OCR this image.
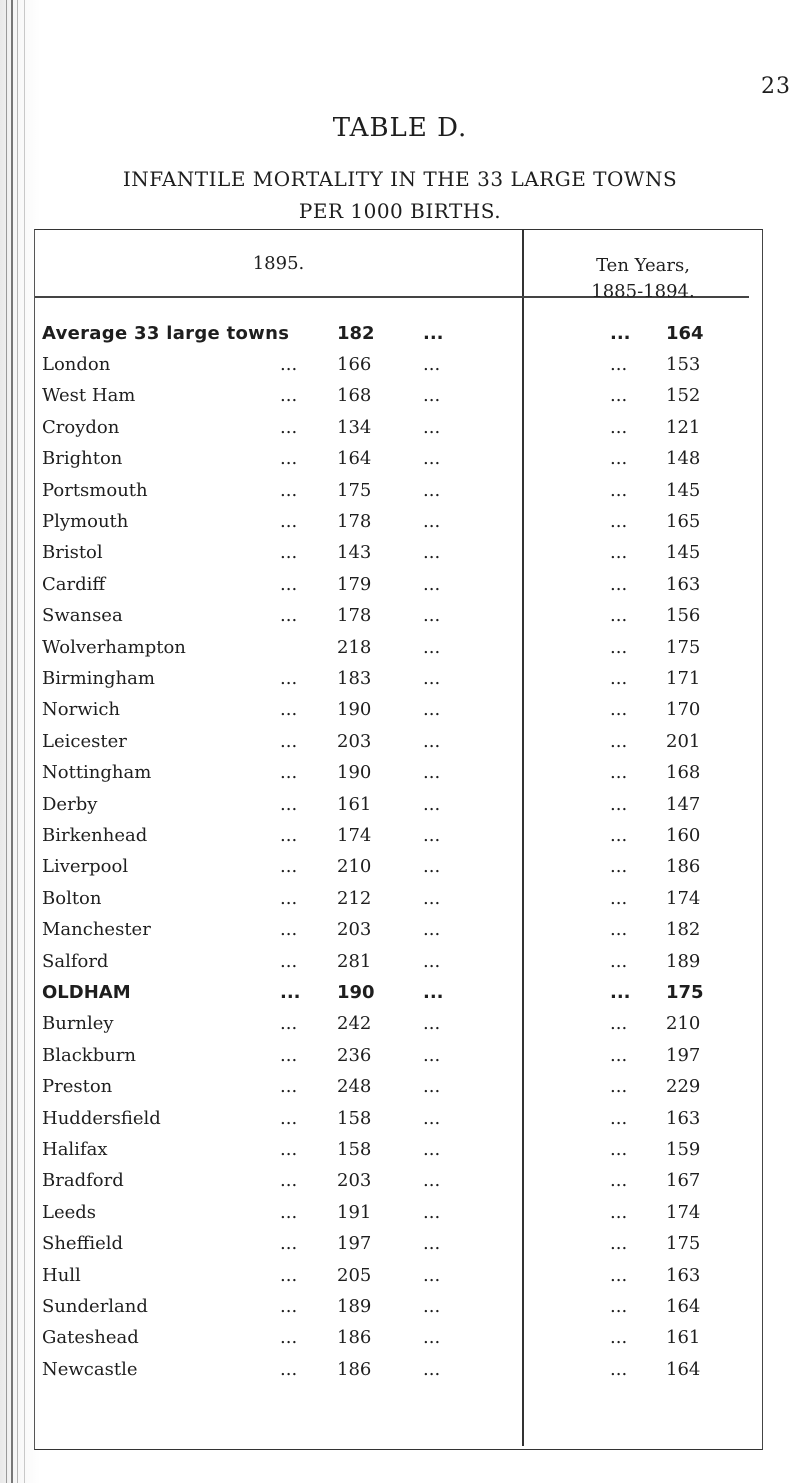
23
TABLE D.
INFANTILE MORTALITY IN THE 33 LARGE TOWNS
PER 1000 BIRTHS.
1895.	Ten Years,
1885-1894.
Average 33 large towns	182	...	... 164
London	... 166	...	... 153
West Ham	... 168	...	... 152
Croydon	... 134	...	... 121
Brighton	... 164	...	... 148
Portsmouth	... 175	...	... 145
Plymouth	... 178	...	... 165
Bristol	... 143	...	... 145
Cardiff	... 179	...	... 163
Swansea	... 178	...	... 156
Wolverhampton	218	...	... 175
Birmingham	... 183	...	... 171
Norwich	... 190	...	... 170
Leicester	... 203	...	... 201
Nottingham	... 190	...	... 168
Derby	... 161	...	... 147
Birkenhead	... 174	...	... 160
Liverpool	... 210	...	... 186
Bolton	... 212	...	... 174
Manchester	... 203	...	... 182
Salford	... 281	...	... 189
OLDHAM	... 190	...	... 175
Burnley	... 242	...	... 210
Blackburn	... 236	...	... 197
Preston	... 248	...	... 229
Huddersfield	... 158	...	... 163
Halifax	... 158	...	... 159
Bradford	... 203	...	... 167
Leeds	... 191	...	... 174
Sheffield	... 197	...	... 175
Hull	... 205	...	... 163
Sunderland	... 189	...	... 164
Gateshead	... 186	...	... 161
Newcastle	... 186	...	... 164
